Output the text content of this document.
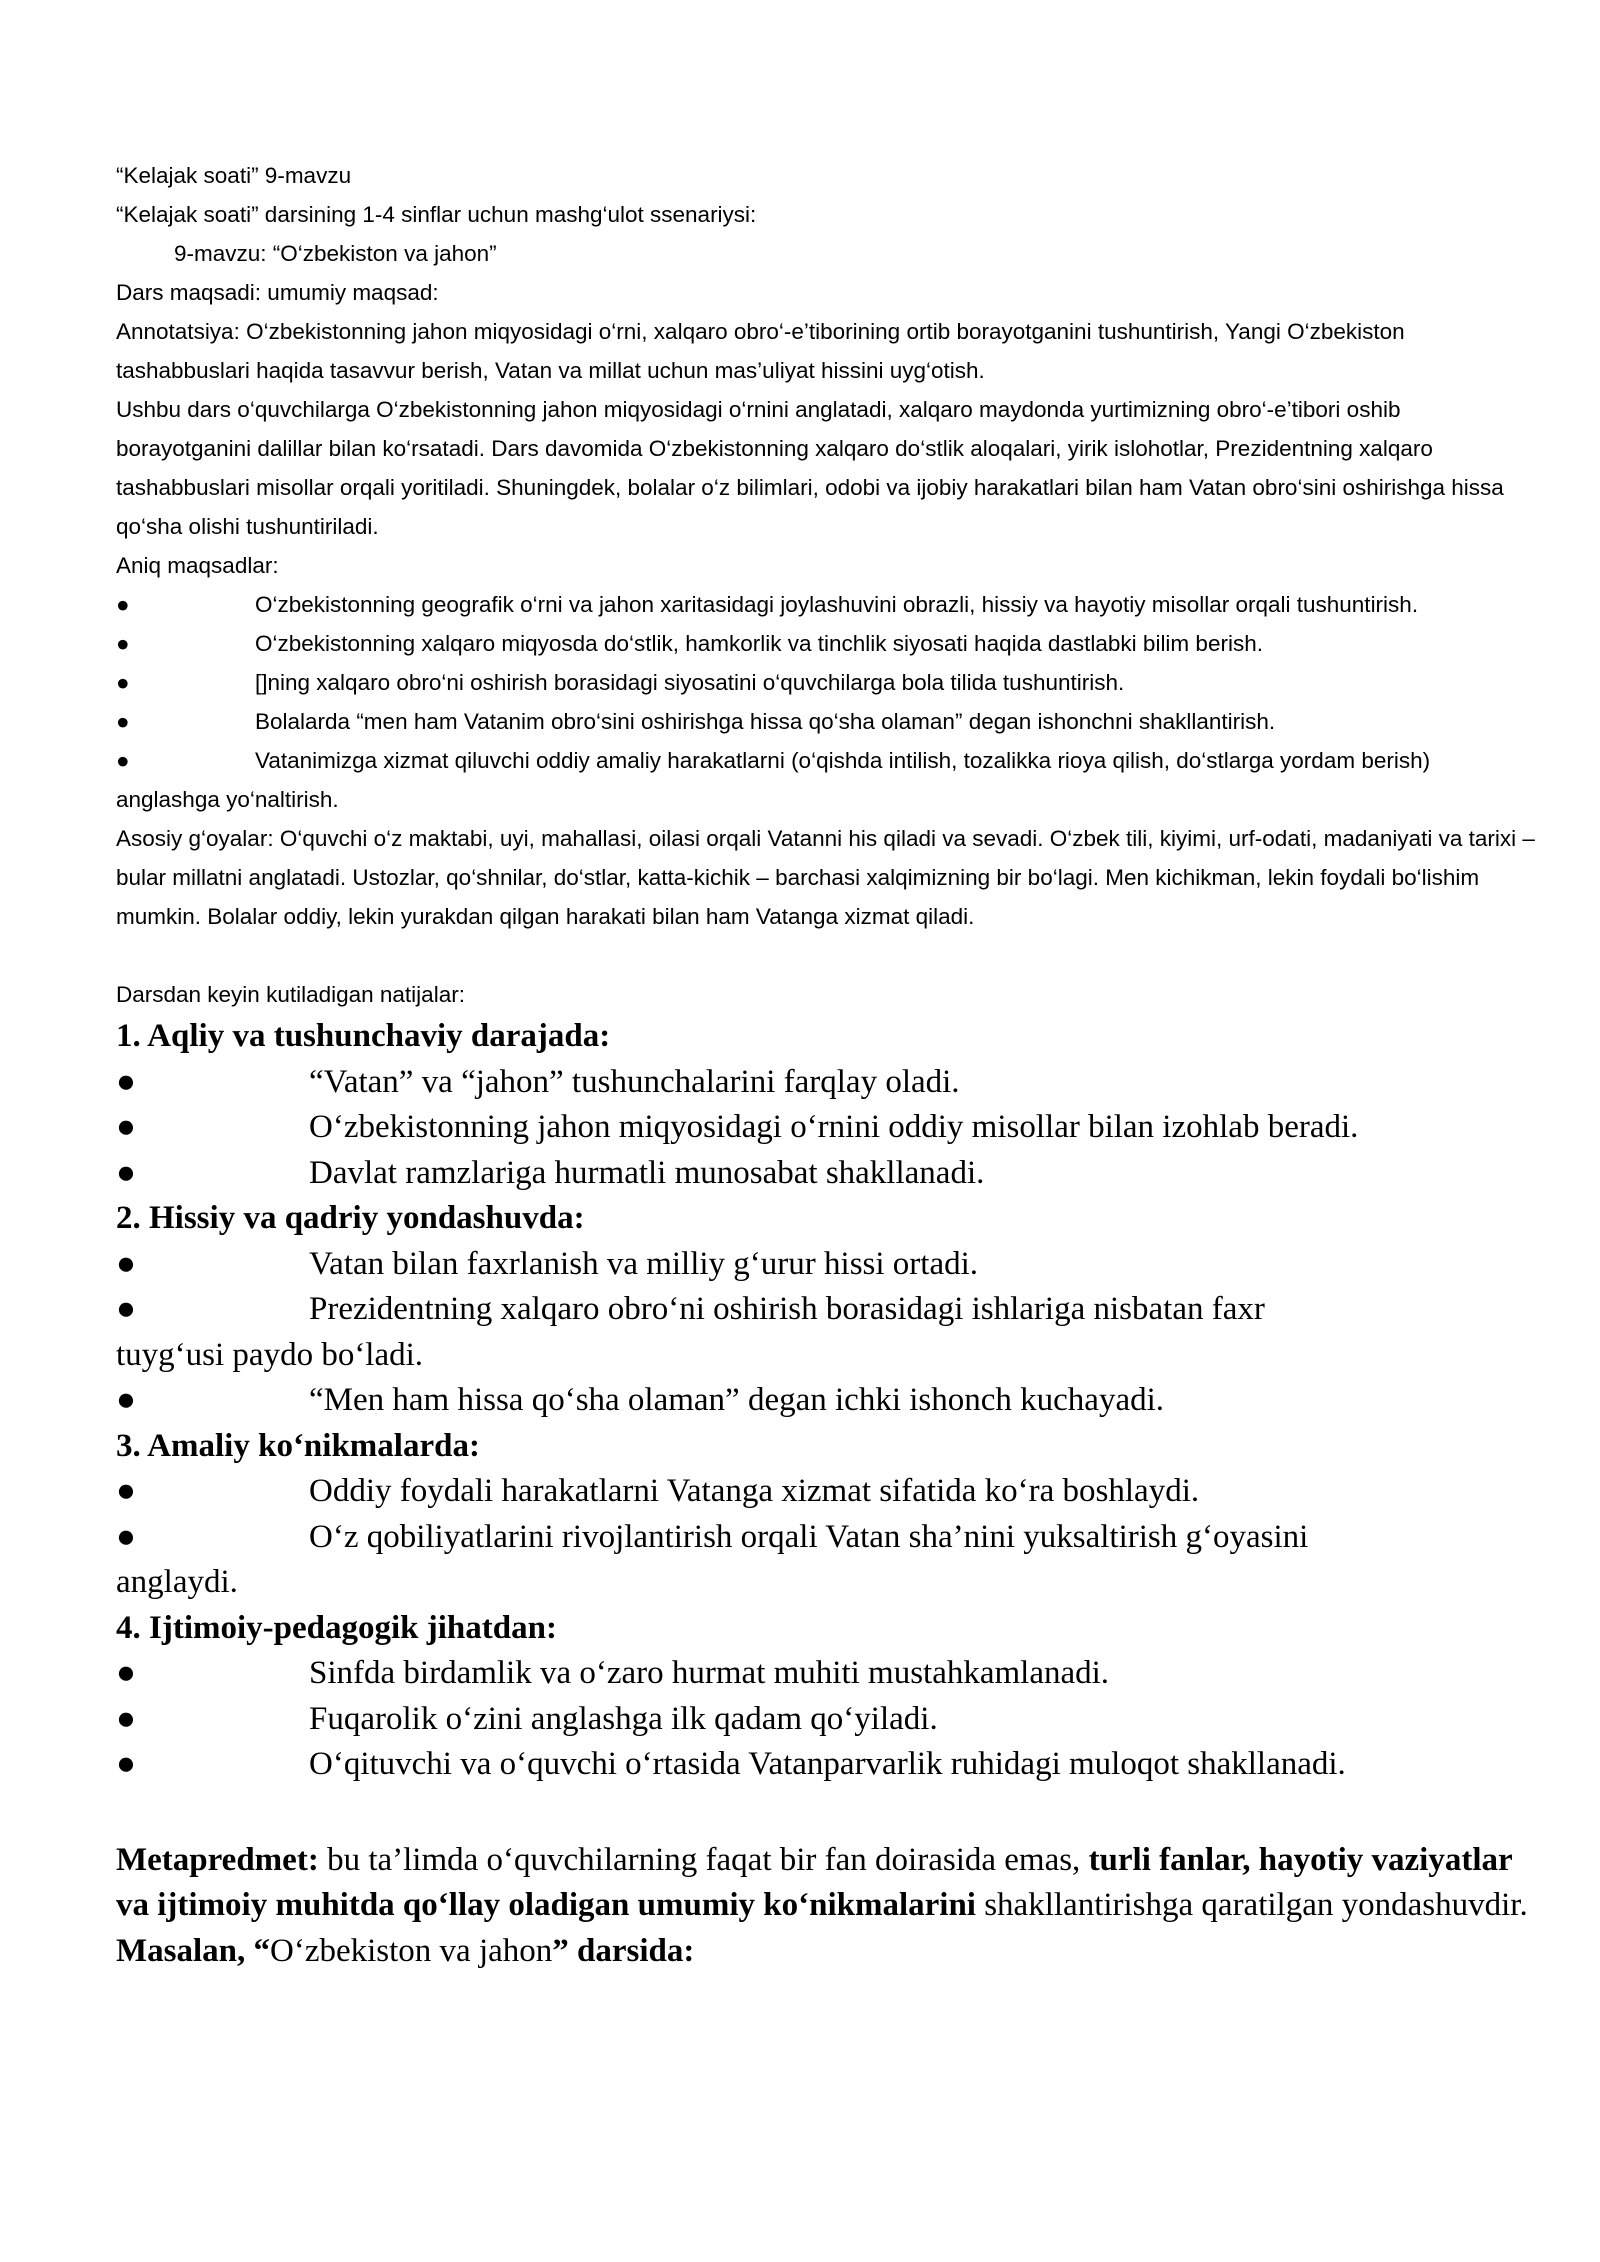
“Kelajak soati” 9-mavzu

“Kelajak soati” darsining 1-4 sinflar uchun mashg‘ulot ssenariysi:

9-mavzu: “O‘zbekiston va jahon”

Dars maqsadi: umumiy maqsad:

Annotatsiya: O‘zbekistonning jahon miqyosidagi o‘rni, xalqaro obro‘-e’tiborining ortib borayotganini tushuntirish, Yangi O‘zbekiston tashabbuslari haqida tasavvur berish, Vatan va millat uchun mas’uliyat hissini uyg‘otish.

Ushbu dars o‘quvchilarga O‘zbekistonning jahon miqyosidagi o‘rnini anglatadi, xalqaro maydonda yurtimizning obro‘-e’tibori oshib borayotganini dalillar bilan ko‘rsatadi. Dars davomida O‘zbekistonning xalqaro do‘stlik aloqalari, yirik islohotlar, Prezidentning xalqaro tashabbuslari misollar orqali yoritiladi. Shuningdek, bolalar o‘z bilimlari, odobi va ijobiy harakatlari bilan ham Vatan obro‘sini oshirishga hissa qo‘sha olishi tushuntiriladi.

Aniq maqsadlar:

●	O‘zbekistonning geografik o‘rni va jahon xaritasidagi joylashuvini obrazli, hissiy va hayotiy misollar orqali tushuntirish.

●	O‘zbekistonning xalqaro miqyosda do‘stlik, hamkorlik va tinchlik siyosati haqida dastlabki bilim berish.

●	[]ning xalqaro obro‘ni oshirish borasidagi siyosatini o‘quvchilarga bola tilida tushuntirish.

●	Bolalarda “men ham Vatanim obro‘sini oshirishga hissa qo‘sha olaman” degan ishonchni shakllantirish.

●	Vatanimizga xizmat qiluvchi oddiy amaliy harakatlarni (o‘qishda intilish, tozalikka rioya qilish, do‘stlarga yordam berish) anglashga yo‘naltirish.

Asosiy g‘oyalar: O‘quvchi o‘z maktabi, uyi, mahallasi, oilasi orqali Vatanni his qiladi va sevadi. O‘zbek tili, kiyimi, urf-odati, madaniyati va tarixi – bular millatni anglatadi. Ustozlar, qo‘shnilar, do‘stlar, katta-kichik – barchasi xalqimizning bir bo‘lagi. Men kichikman, lekin foydali bo‘lishim mumkin. Bolalar oddiy, lekin yurakdan qilgan harakati bilan ham Vatanga xizmat qiladi.

Darsdan keyin kutiladigan natijalar:

1. Aqliy va tushunchaviy darajada:

●	“Vatan” va “jahon” tushunchalarini farqlay oladi.

●	O‘zbekistonning jahon miqyosidagi o‘rnini oddiy misollar bilan izohlab beradi.

●	Davlat ramzlariga hurmatli munosabat shakllanadi.

2. Hissiy va qadriy yondashuvda:

●	Vatan bilan faxrlanish va milliy g‘urur hissi ortadi.

●	Prezidentning xalqaro obro‘ni oshirish borasidagi ishlariga nisbatan faxr

tuyg‘usi paydo bo‘ladi.

●	“Men ham hissa qo‘sha olaman” degan ichki ishonch kuchayadi.

3. Amaliy ko‘nikmalarda:

●	Oddiy foydali harakatlarni Vatanga xizmat sifatida ko‘ra boshlaydi.

●	O‘z qobiliyatlarini rivojlantirish orqali Vatan sha’nini yuksaltirish g‘oyasini

anglaydi.

4. Ijtimoiy-pedagogik jihatdan:

●	Sinfda birdamlik va o‘zaro hurmat muhiti mustahkamlanadi.

●	Fuqarolik o‘zini anglashga ilk qadam qo‘yiladi.

●	O‘qituvchi va o‘quvchi o‘rtasida Vatanparvarlik ruhidagi muloqot shakllanadi.

Metapredmet: bu ta’limda o‘quvchilarning faqat bir fan doirasida emas, turli fanlar, hayotiy vaziyatlar va ijtimoiy muhitda qo‘llay oladigan umumiy ko‘nikmalarini shakllantirishga qaratilgan yondashuvdir.

Masalan, “O‘zbekiston va jahon” darsida:
